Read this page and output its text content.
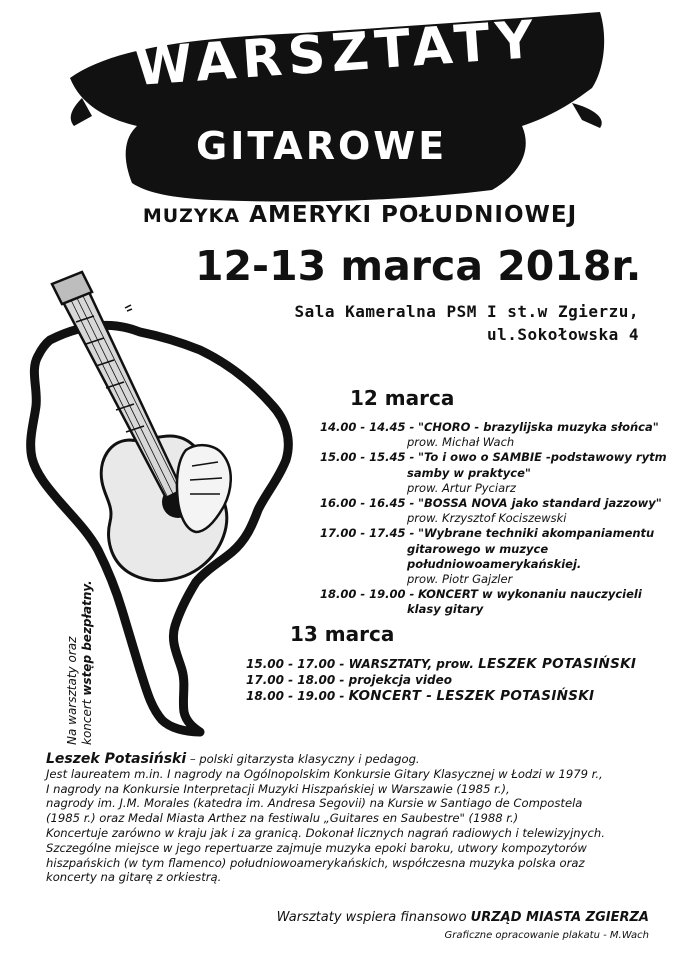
WARSZTATY
GITAROWE
MUZYKA AMERYKI POŁUDNIOWEJ
12-13 marca 2018r.
Sala Kameralna PSM I st.w Zgierzu,
ul.Sokołowska 4
Na warsztaty oraz koncert wstęp bezpłatny.
12 marca
14.00 - 14.45 - "CHORO - brazylijska muzyka słońca"
prow. Michał Wach
15.00 - 15.45 - "To i owo o SAMBIE -podstawowy rytm
samby w praktyce"
prow. Artur Pyciarz
16.00 - 16.45 - "BOSSA NOVA jako standard jazzowy"
prow. Krzysztof Kociszewski
17.00 - 17.45 - "Wybrane techniki akompaniamentu
gitarowego w muzyce
południowoamerykańskiej.
prow. Piotr Gajzler
18.00 - 19.00 - KONCERT w wykonaniu nauczycieli
klasy gitary
13 marca
15.00 - 17.00 - WARSZTATY, prow. LESZEK POTASIŃSKI
17.00 - 18.00 - projekcja video
18.00 - 19.00 - KONCERT - LESZEK POTASIŃSKI
Leszek Potasiński – polski gitarzysta klasyczny i pedagog.
Jest laureatem m.in. I nagrody na Ogólnopolskim Konkursie Gitary Klasycznej w Łodzi w 1979 r.,
I nagrody na Konkursie Interpretacji Muzyki Hiszpańskiej w Warszawie (1985 r.),
nagrody im. J.M. Morales (katedra im. Andresa Segovii) na Kursie w Santiago de Compostela
(1985 r.) oraz Medal Miasta Arthez na festiwalu „Guitares en Saubestre" (1988 r.)
Koncertuje zarówno w kraju jak i za granicą. Dokonał licznych nagrań radiowych i telewizyjnych.
Szczególne miejsce w jego repertuarze zajmuje muzyka epoki baroku, utwory kompozytorów
hiszpańskich (w tym flamenco) południowoamerykańskich, współczesna muzyka polska oraz
koncerty na gitarę z orkiestrą.
Warsztaty wspiera finansowo URZĄD MIASTA ZGIERZA
Graficzne opracowanie plakatu - M.Wach
